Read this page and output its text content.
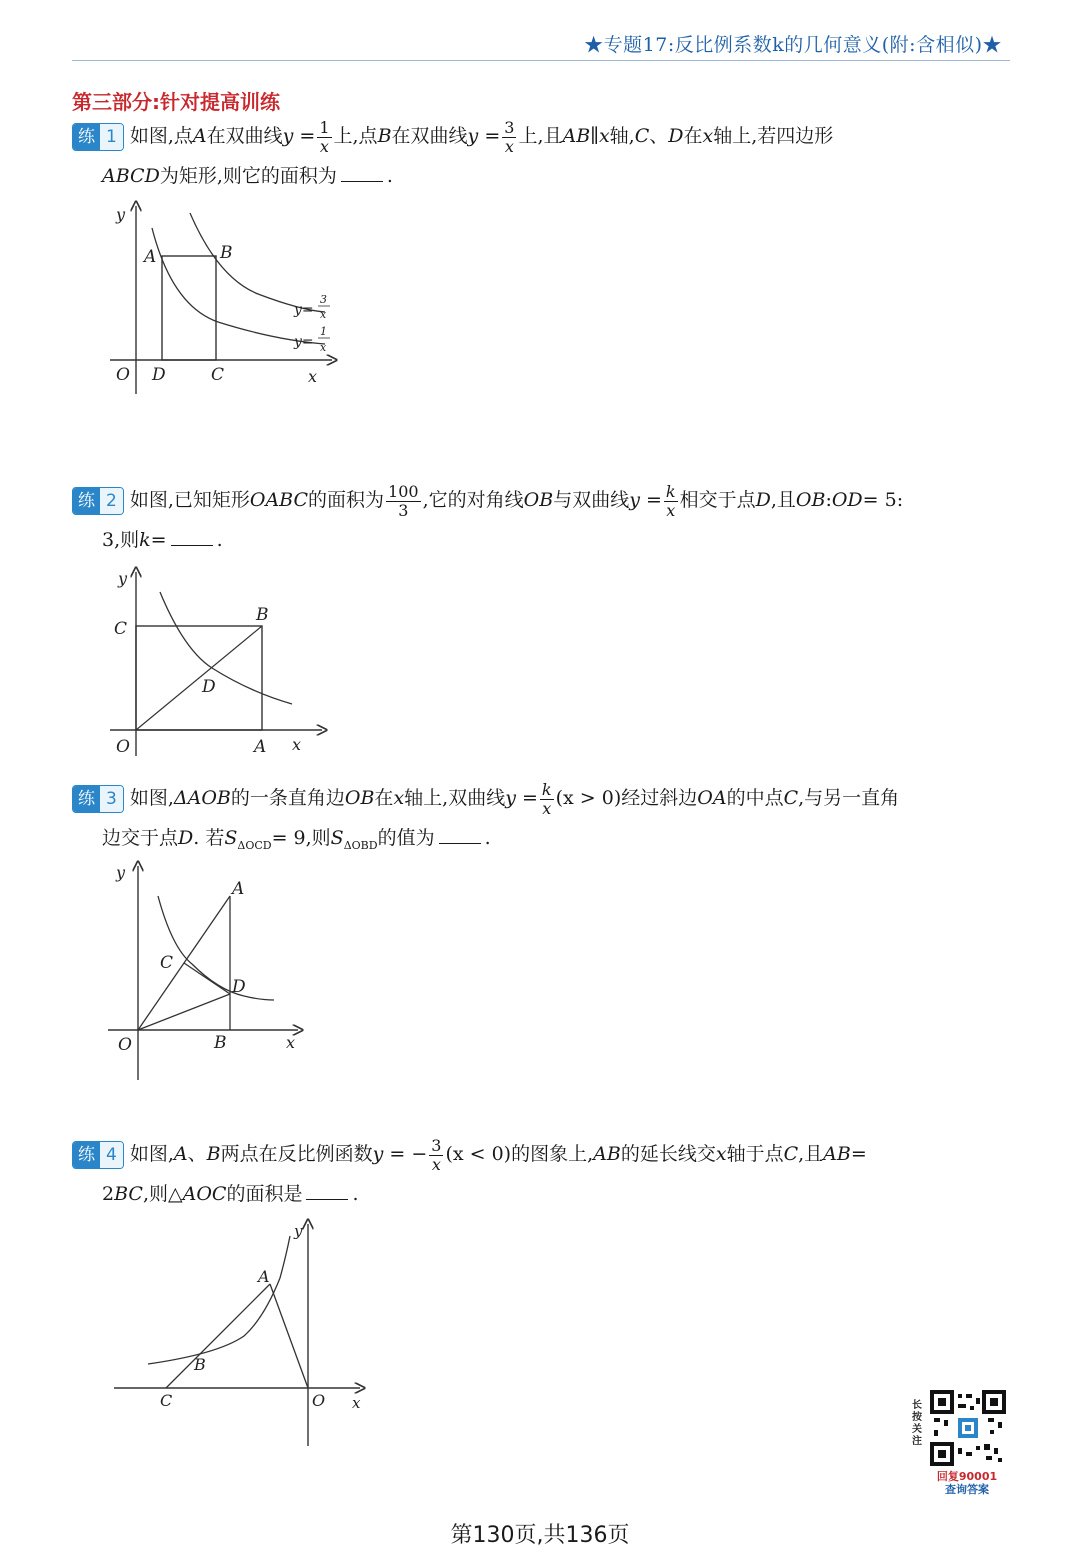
★专题17:反比例系数k的几何意义(附:含相似)★
第三部分:针对提高训练
练 1 如图,点A在双曲线$y = \frac{1}{x}$ 上,点B在双曲线$y = \frac{3}{x}$ 上,且AB∥x轴,C、D在x轴上,若四边形
ABCD为矩形,则它的面积为	.
y
x
O
A	B
C
D
y=
3
x
y=
1
x
练 2 如图,已知矩形OABC的面积为 $\frac{100}{3}$ ,它的对角线OB与双曲线$y = \frac{k}{x}$ 相交于点D,且OB:OD= 5:
3,则k=	.
y
x
O	A
B
C
D
练 3 如图,ΔAOB的一条直角边OB在x轴上,双曲线$y = \frac{k}{x} (x > 0)$经过斜边OA的中点C,与另一直角
边交于点D. 若$S_{\Delta OCD}= 9$,则$S_{\Delta OBD}$的值为	.
y
x
O
A
B
C
D
练 4 如图,A、B两点在反比例函数y = − $\frac{3}{x} (x < 0)$的图象上,AB的延长线交x轴于点C,且AB=
2BC,则△AOC的面积是	.
y
x
O
A
B
C	长按关注
回复90001
查询答案
第130页,共136页
